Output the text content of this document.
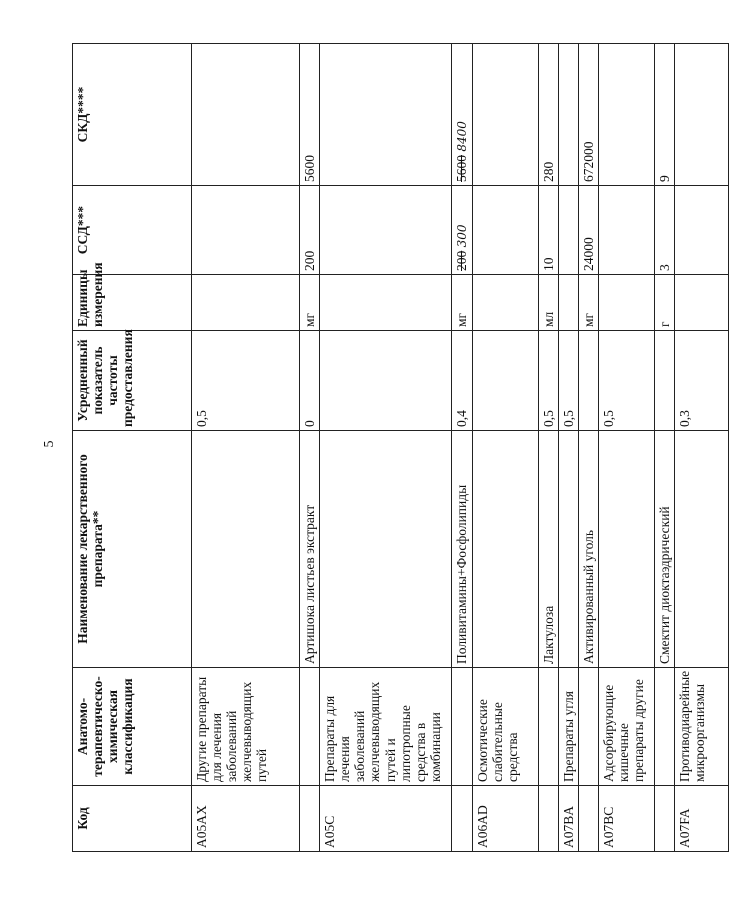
5
Код	Анатомо-терапевтическо-химическая классификация	Наименование лекарственного препарата**	Усредненный показатель частоты предоставления	Единицы измерения	ССД***	СКД****
A05AX	Другие препараты для лечения заболеваний желчевыводящих путей		0,5			
		Артишока листьев экстракт	0	мг	200	5600
A05C	Препараты для лечения заболеваний желчевыводящих путей и липотропные средства в комбинации					
		Поливитамины+Фосфолипиды	0,4	мг	200 300	5600 8400
A06AD	Осмотические слабительные средства					
		Лактулоза	0,5	мл	10	280
A07BA	Препараты угля		0,5			
		Активированный уголь		мг	24000	672000
A07BC	Адсорбирующие кишечные препараты другие		0,5			
		Смектит диоктаэдрический		г	3	9
A07FA	Противодиарейные микроорганизмы		0,3			
